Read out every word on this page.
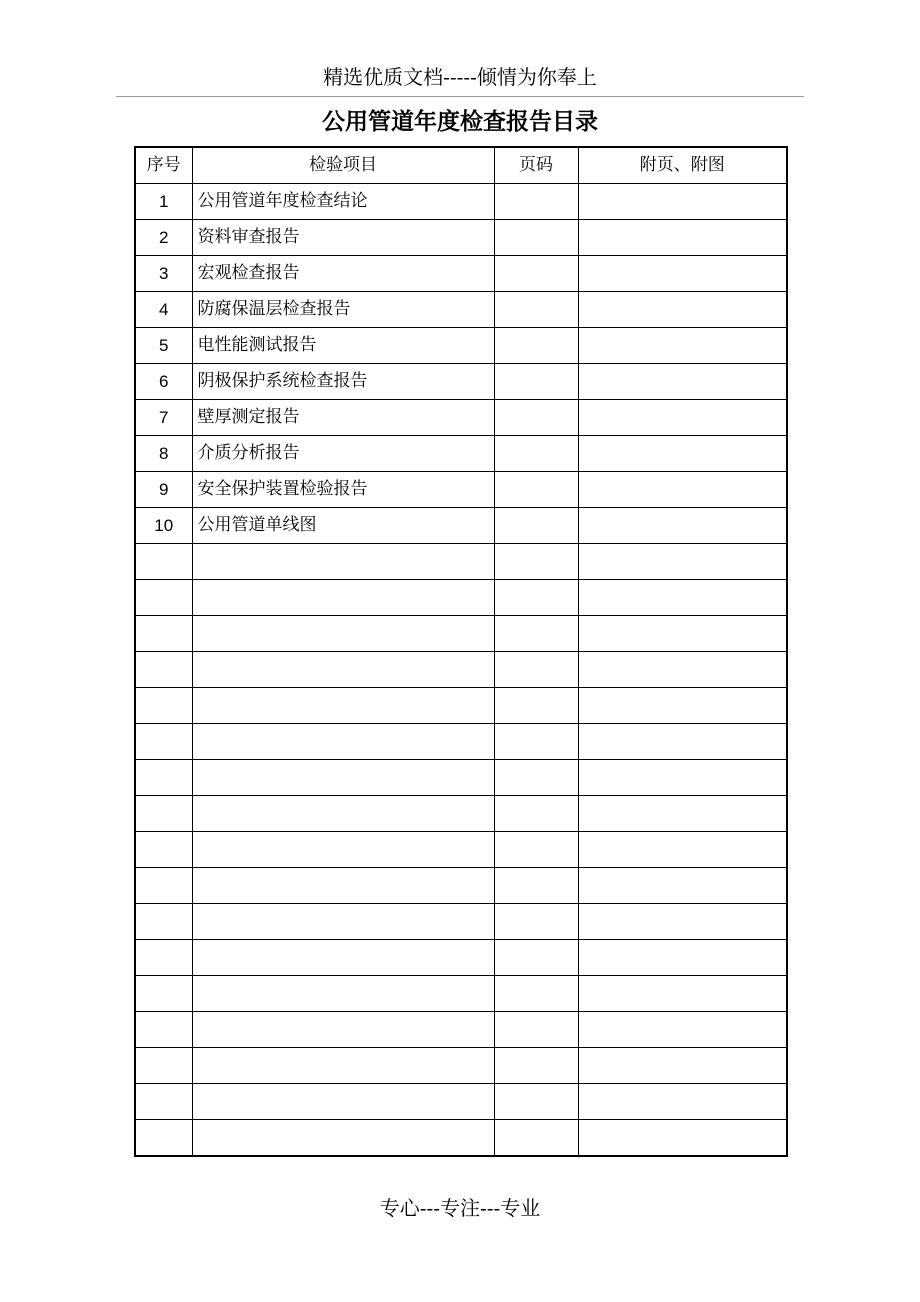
精选优质文档-----倾情为你奉上
公用管道年度检查报告目录
序号	检验项目	页码	附页、附图
1	公用管道年度检查结论		
2	资料审查报告		
3	宏观检查报告		
4	防腐保温层检查报告		
5	电性能测试报告		
6	阴极保护系统检查报告		
7	壁厚测定报告		
8	介质分析报告		
9	安全保护装置检验报告		
10	公用管道单线图		

专心---专注---专业
